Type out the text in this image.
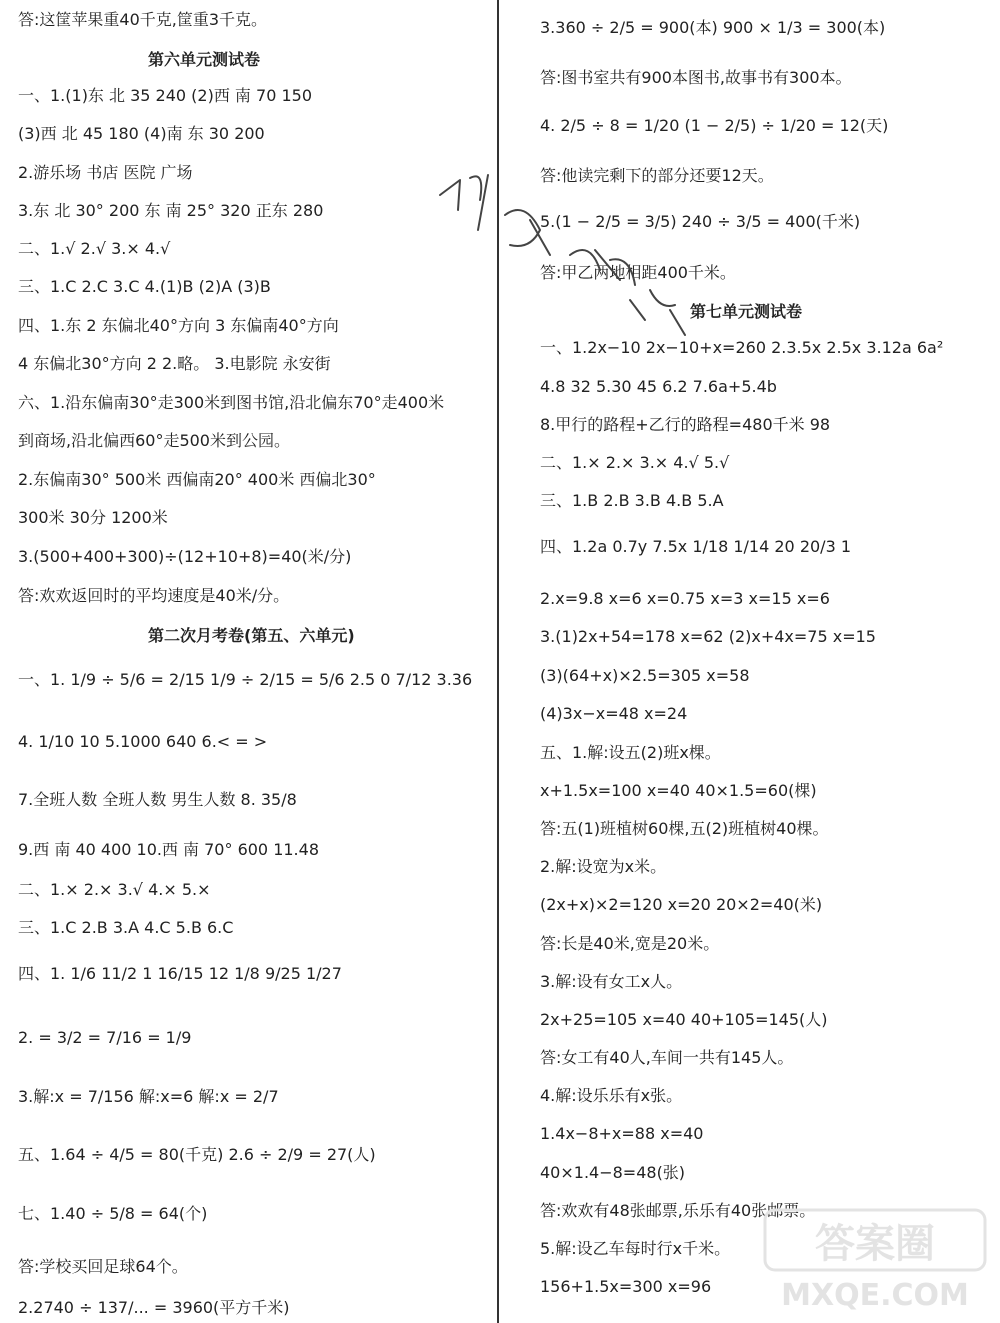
答:这筐苹果重40千克,筐重3千克。
第六单元测试卷
一、1.(1)东 北 35 240 (2)西 南 70 150
(3)西 北 45 180 (4)南 东 30 200
2.游乐场 书店 医院 广场
3.东 北 30° 200 东 南 25° 320 正东 280
二、1.√ 2.√ 3.× 4.√
三、1.C 2.C 3.C 4.(1)B (2)A (3)B
四、1.东 2 东偏北40°方向 3 东偏南40°方向
4 东偏北30°方向 2 2.略。 3.电影院 永安街
六、1.沿东偏南30°走300米到图书馆,沿北偏东70°走400米
到商场,沿北偏西60°走500米到公园。
2.东偏南30° 500米 西偏南20° 400米 西偏北30°
300米 30分 1200米
3.(500+400+300)÷(12+10+8)=40(米/分)
答:欢欢返回时的平均速度是40米/分。
第二次月考卷(第五、六单元)
一、1. 1/9 ÷ 5/6 = 2/15 1/9 ÷ 2/15 = 5/6 2.5 0 7/12 3.36
4. 1/10 10 5.1000 640 6.< = >
7.全班人数 全班人数 男生人数 8. 35/8
9.西 南 40 400 10.西 南 70° 600 11.48
二、1.× 2.× 3.√ 4.× 5.×
三、1.C 2.B 3.A 4.C 5.B 6.C
四、1. 1/6 11/2 1 16/15 12 1/8 9/25 1/27
2. = 3/2 = 7/16 = 1/9
3.解:x = 7/156 解:x=6 解:x = 2/7
五、1.64 ÷ 4/5 = 80(千克) 2.6 ÷ 2/9 = 27(人)
七、1.40 ÷ 5/8 = 64(个)
答:学校买回足球64个。
2.2740 ÷ 137/... = 3960(平方千米)
3.360 ÷ 2/5 = 900(本) 900 × 1/3 = 300(本)
答:图书室共有900本图书,故事书有300本。
4. 2/5 ÷ 8 = 1/20 (1 − 2/5) ÷ 1/20 = 12(天)
答:他读完剩下的部分还要12天。
5.(1 − 2/5 = 3/5) 240 ÷ 3/5 = 400(千米)
答:甲乙两地相距400千米。
第七单元测试卷
一、1.2x−10 2x−10+x=260 2.3.5x 2.5x 3.12a 6a²
4.8 32 5.30 45 6.2 7.6a+5.4b
8.甲行的路程+乙行的路程=480千米 98
二、1.× 2.× 3.× 4.√ 5.√
三、1.B 2.B 3.B 4.B 5.A
四、1.2a 0.7y 7.5x 1/18 1/14 20 20/3 1
2.x=9.8 x=6 x=0.75 x=3 x=15 x=6
3.(1)2x+54=178 x=62 (2)x+4x=75 x=15
(3)(64+x)×2.5=305 x=58
(4)3x−x=48 x=24
五、1.解:设五(2)班x棵。
x+1.5x=100 x=40 40×1.5=60(棵)
答:五(1)班植树60棵,五(2)班植树40棵。
2.解:设宽为x米。
(2x+x)×2=120 x=20 20×2=40(米)
答:长是40米,宽是20米。
3.解:设有女工x人。
2x+25=105 x=40 40+105=145(人)
答:女工有40人,车间一共有145人。
4.解:设乐乐有x张。
1.4x−8+x=88 x=40
40×1.4−8=48(张)
答:欢欢有48张邮票,乐乐有40张邮票。
5.解:设乙车每时行x千米。
156+1.5x=300 x=96
答案圈
MXQE.COM
